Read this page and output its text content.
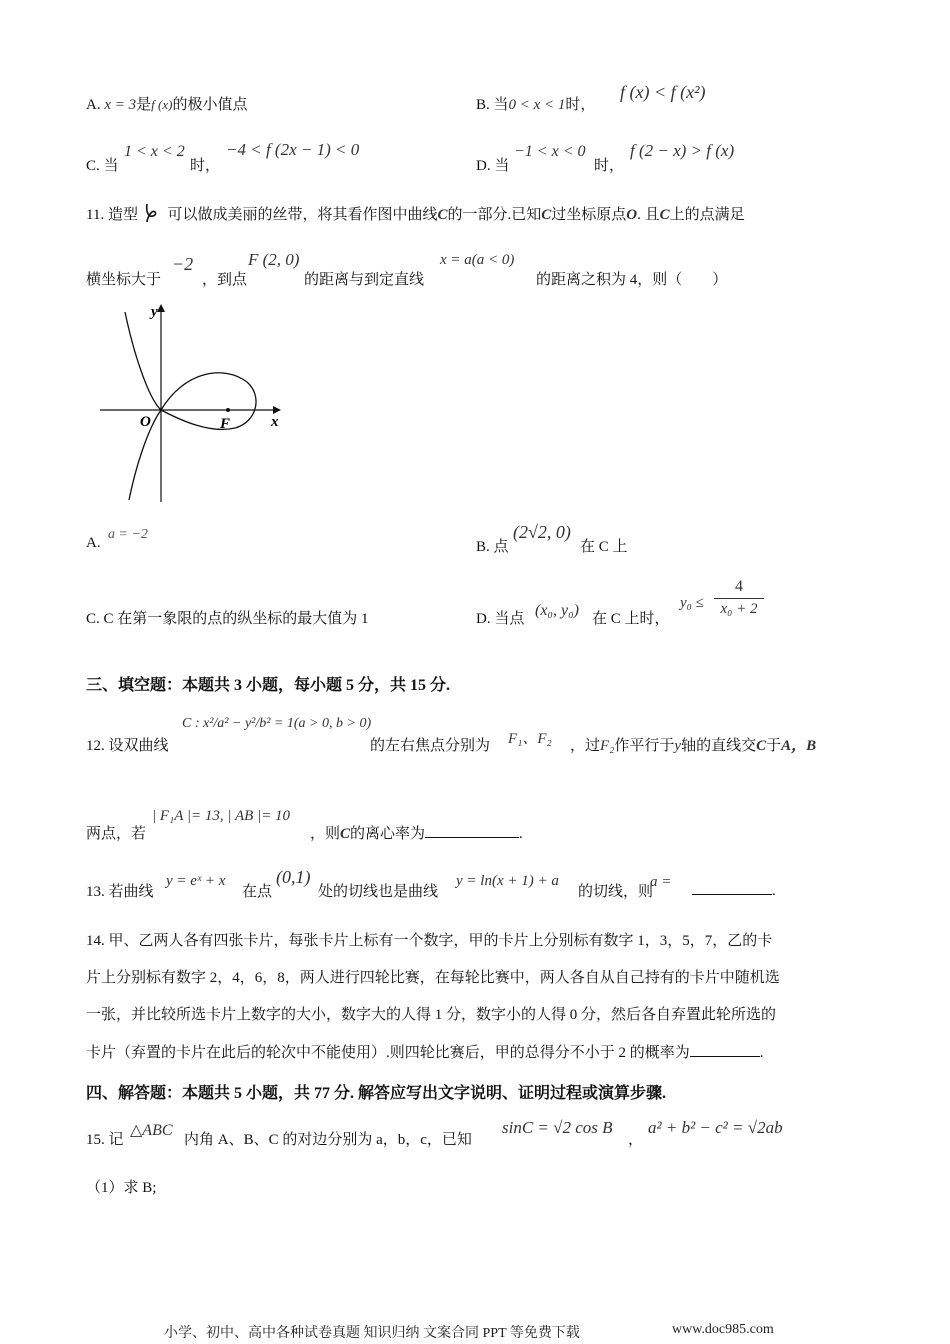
A. x = 3是f (x)的极小值点	B. 当0 < x < 1时，
f (x) < f (x²)
C. 当
1 < x < 2
时，
−4 < f (2x − 1) < 0
D. 当
−1 < x < 0
时，
f (2 − x) > f (x)
11. 造型 可以做成美丽的丝带，将其看作图中曲线C的一部分.已知C过坐标原点O. 且C上的点满足
横坐标大于
−2
，到点
F (2, 0)
的距离与到定直线
x = a(a < 0)
的距离之积为 4，则（　　）
y
x
O	F
A.
a = −2
B. 点
(2√2, 0)
在 C 上
C. C 在第一象限的点的纵坐标的最大值为 1	D. 当点 (x₀, y₀) 在 C 上时，
y₀ ≤
4
x₀ + 2
三、填空题：本题共 3 小题，每小题 5 分，共 15 分.
12. 设双曲线
C : x²/a² − y²/b² = 1(a > 0, b > 0)
的左右焦点分别为 F₁、F₂ ，过F₂作平行于y轴的直线交C于A，B
两点，若
| F₁A |= 13, | AB |= 10
，则C的离心率为	.
13. 若曲线
y = eˣ + x
在点
(0,1)
处的切线也是曲线
y = ln(x + 1) + a
的切线，则
a =
.
14. 甲、乙两人各有四张卡片，每张卡片上标有一个数字，甲的卡片上分别标有数字 1，3，5，7，乙的卡
片上分别标有数字 2，4，6，8，两人进行四轮比赛，在每轮比赛中，两人各自从自己持有的卡片中随机选
一张，并比较所选卡片上数字的大小，数字大的人得 1 分，数字小的人得 0 分，然后各自弃置此轮所选的
卡片（弃置的卡片在此后的轮次中不能使用）.则四轮比赛后，甲的总得分不小于 2 的概率为	.
四、解答题：本题共 5 小题，共 77 分. 解答应写出文字说明、证明过程或演算步骤.
15. 记
△ABC
内角 A、B、C 的对边分别为 a，b，c，已知
sinC = √2 cos B
，
a² + b² − c² = √2ab
（1）求 B;
小学、初中、高中各种试卷真题 知识归纳 文案合同 PPT 等免费下载	www.doc985.com
